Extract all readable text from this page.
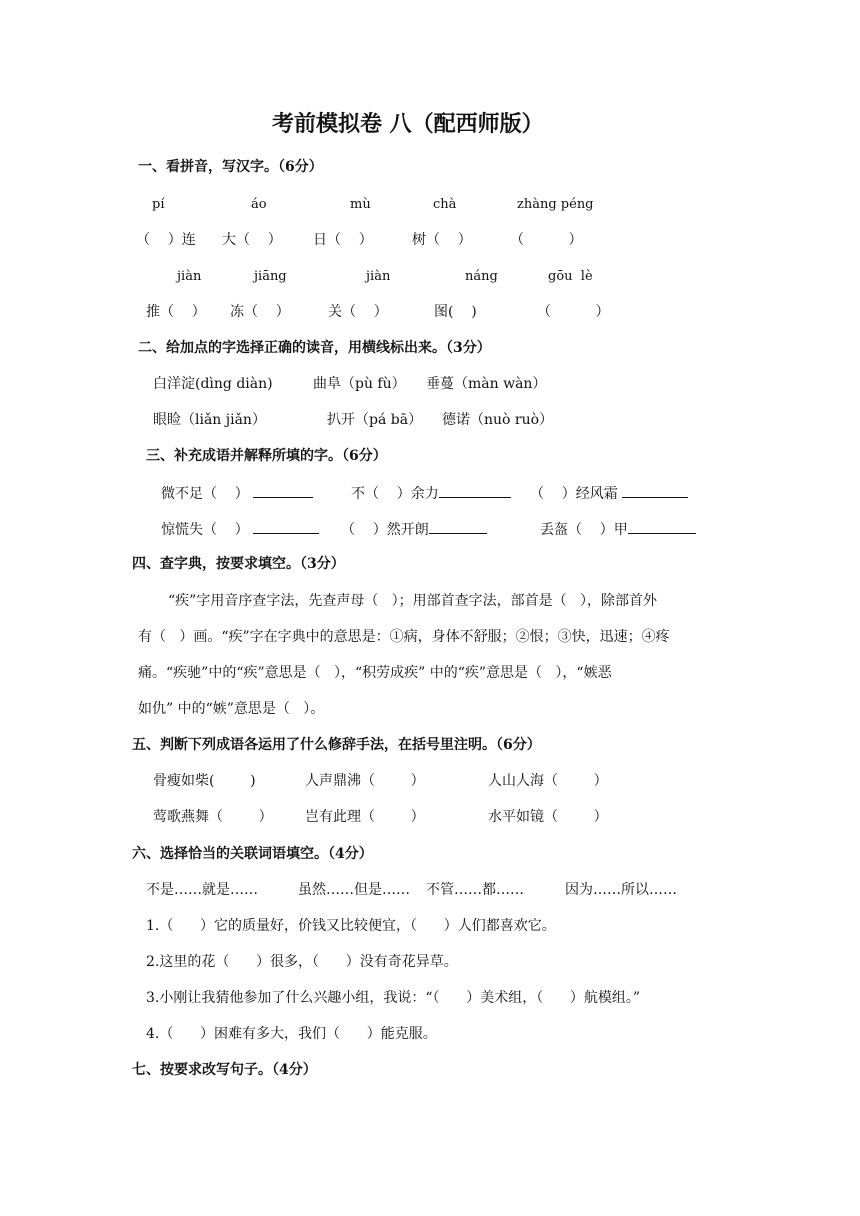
考前模拟卷 八（配西师版）
一、看拼音，写汉字。（6分）
pí	áo	mù	chà	zhàng péng
（    ）连 大（    ） 日（    ）	树（    ）	（          ）
jiàn	jiāng	jiàn	náng	gōu  lè
推（    ） 冻（    ）	关（    ）	图(    )	（          ）
二、给加点的字选择正确的读音，用横线标出来。（3分）
白洋淀(dìng diàn)	曲阜（pù fù） 垂蔓（màn wàn）
眼睑（liǎn jiǎn）	扒开（pá bā） 德诺（nuò ruò）
三、补充成语并解释所填的字。（6分）
微不足（    ）	不（    ）余力	（    ）经风霜
惊慌失（    ）	（    ）然开朗	丢盔（    ）甲
四、查字典，按要求填空。（3分）
“疾”字用音序查字法，先查声母（   ）；用部首查字法，部首是（   ），除部首外
有（   ）画。“疾”字在字典中的意思是：①病，身体不舒服；②恨；③快，迅速；④疼
痛。“疾驰”中的“疾”意思是（   ），“积劳成疾” 中的“疾”意思是（   ），“嫉恶
如仇” 中的“嫉”意思是（   ）。
五、判断下列成语各运用了什么修辞手法，在括号里注明。（6分）
骨瘦如柴(        )	人声鼎沸（        ）	人山人海（        ）
莺歌燕舞（        ） 岂有此理（        ）	水平如镜（        ）
六、选择恰当的关联词语填空。（4分）
不是……就是……	虽然……但是…… 不管……都……	因为……所以……
1.（      ）它的质量好，价钱又比较便宜，（      ）人们都喜欢它。
2.这里的花（      ）很多，（      ）没有奇花异草。
3.小刚让我猜他参加了什么兴趣小组，我说：“（      ）美术组，（      ）航模组。”
4.（      ）困难有多大，我们（      ）能克服。
七、按要求改写句子。（4分）
